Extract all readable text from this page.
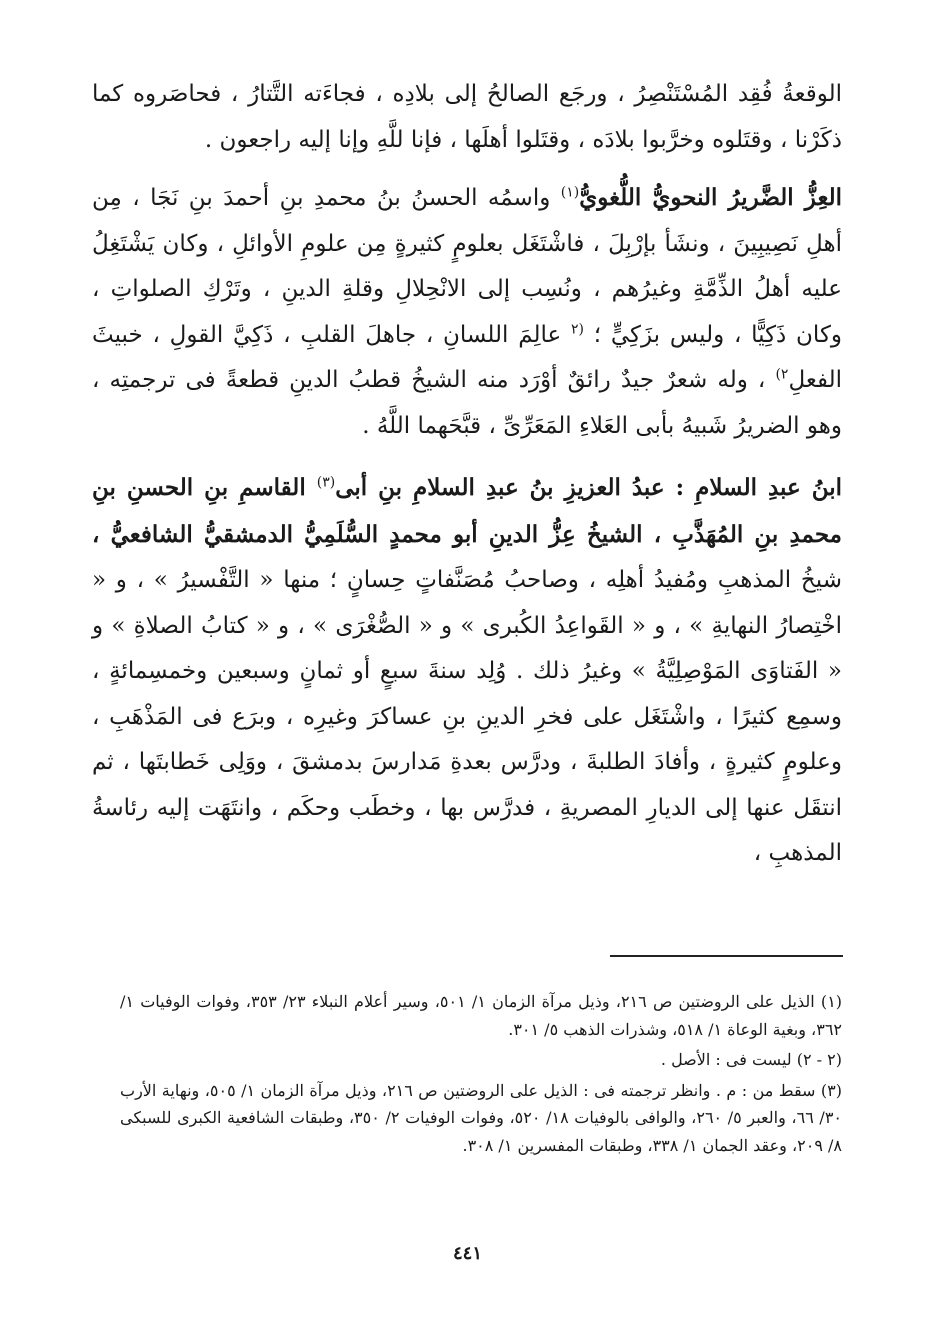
الوقعةُ فُقِد المُسْتَنْصِرُ ، ورجَع الصالحُ إلى بلادِه ، فجاءَته التَّتارُ ، فحاصَروه كما ذكَرْنا ، وقتَلوه وخرَّبوا بلادَه ، وقتَلوا أهلَها ، فإنا للَّهِ وإنا إليه راجعون .

العِزُّ الضَّريرُ النحويُّ اللُّغويُّ$^{(١)}$ واسمُه الحسنُ بنُ محمدِ بنِ أحمدَ بنِ نَجَا ، مِن أهلِ نَصِيبِينَ ، ونشَأ بإرْبِلَ ، فاشْتَغَل بعلومٍ كثيرةٍ مِن علومِ الأوائلِ ، وكان يَشْتَغِلُ عليه أهلُ الذِّمَّةِ وغيرُهم ، ونُسِب إلى الانْحِلالِ وقلةِ الدينِ ، وتَرْكِ الصلواتِ ، وكان ذَكِيًّا ، وليس بزَكِيٍّ ؛ $^{(٢}$ عالِمَ اللسانِ ، جاهلَ القلبِ ، ذَكِيَّ القولِ ، خبيثَ الفعلِ$^{٢)}$ ، وله شعرٌ جيدٌ رائقٌ أوْرَد منه الشيخُ قطبُ الدينِ قطعةً فى ترجمتِه ، وهو الضريرُ شَبيهُ بأبى العَلاءِ المَعَرِّىِّ ، قبَّحَهما اللَّهُ .

ابنُ عبدِ السلامِ : عبدُ العزيزِ بنُ عبدِ السلامِ بنِ أبى$^{(٣)}$ القاسمِ بنِ الحسنِ بنِ محمدِ بنِ المُهَذَّبِ ، الشيخُ عِزُّ الدينِ أبو محمدٍ السُّلَمِيُّ الدمشقيُّ الشافعيُّ ، شيخُ المذهبِ ومُفيدُ أهلِه ، وصاحبُ مُصَنَّفاتٍ حِسانٍ ؛ منها « التَّفْسيرُ » ، و « اخْتِصارُ النهايةِ » ، و « القَواعِدُ الكُبرى » و « الصُّغْرَى » ، و « كتابُ الصلاةِ » و « الفَتاوَى المَوْصِلِيَّةُ » وغيرُ ذلك . وُلِد سنةَ سبعٍ أو ثمانٍ وسبعين وخمسِمائةٍ ، وسمِع كثيرًا ، واشْتَغَل على فخرِ الدينِ بنِ عساكرَ وغيرِه ، وبرَع فى المَذْهَبِ ، وعلومٍ كثيرةٍ ، وأفادَ الطلبةَ ، ودرَّس بعدةِ مَدارسَ بدمشقَ ، ووَلِى خَطابتَها ، ثم انتقَل عنها إلى الديارِ المصريةِ ، فدرَّس بها ، وخطَب وحكَم ، وانتَهَت إليه رئاسةُ المذهبِ ،

(١) الذيل على الروضتين ص ٢١٦، وذيل مرآة الزمان ١/ ٥٠١، وسير أعلام النبلاء ٢٣/ ٣٥٣، وفوات الوفيات ١/ ٣٦٢، وبغية الوعاة ١/ ٥١٨، وشذرات الذهب ٥/ ٣٠١.

(٢ - ٢) ليست فى : الأصل .

(٣) سقط من : م . وانظر ترجمته فى : الذيل على الروضتين ص ٢١٦، وذيل مرآة الزمان ١/ ٥٠٥، ونهاية الأرب ٣٠/ ٦٦، والعبر ٥/ ٢٦٠، والوافى بالوفيات ١٨/ ٥٢٠، وفوات الوفيات ٢/ ٣٥٠، وطبقات الشافعية الكبرى للسبكى ٨/ ٢٠٩، وعقد الجمان ١/ ٣٣٨، وطبقات المفسرين ١/ ٣٠٨.

٤٤١
